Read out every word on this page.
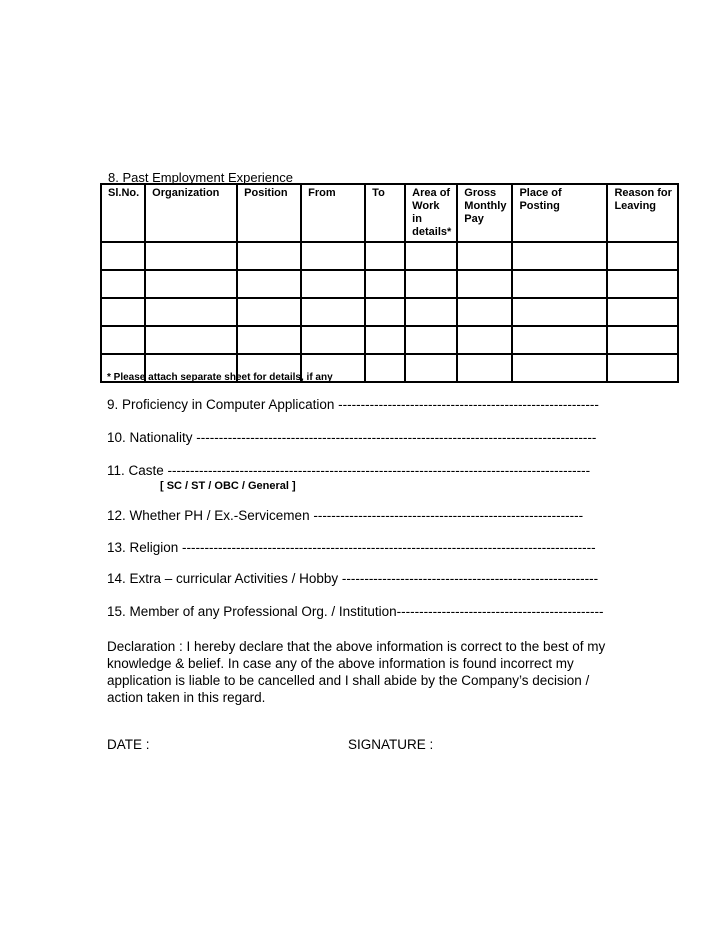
8. Past Employment Experience
Sl.No.	Organization	Position	From	To	Area of Work in details*	Gross Monthly Pay	Place of Posting	Reason for Leaving

* Please attach separate sheet for details, if any
9. Proficiency in Computer Application ----------------------------------------------------------
10. Nationality -----------------------------------------------------------------------------------------
11. Caste ----------------------------------------------------------------------------------------------
[ SC / ST / OBC / General ]
12. Whether PH / Ex.-Servicemen ------------------------------------------------------------
13. Religion --------------------------------------------------------------------------------------------
14. Extra – curricular Activities / Hobby ---------------------------------------------------------
15. Member of any Professional Org. / Institution----------------------------------------------
Declaration : I hereby declare that the above information is correct to the best of my knowledge & belief. In case any of the above information is found incorrect my application is liable to be cancelled and I shall abide by the Company’s decision / action taken in this regard.
DATE :	SIGNATURE :
